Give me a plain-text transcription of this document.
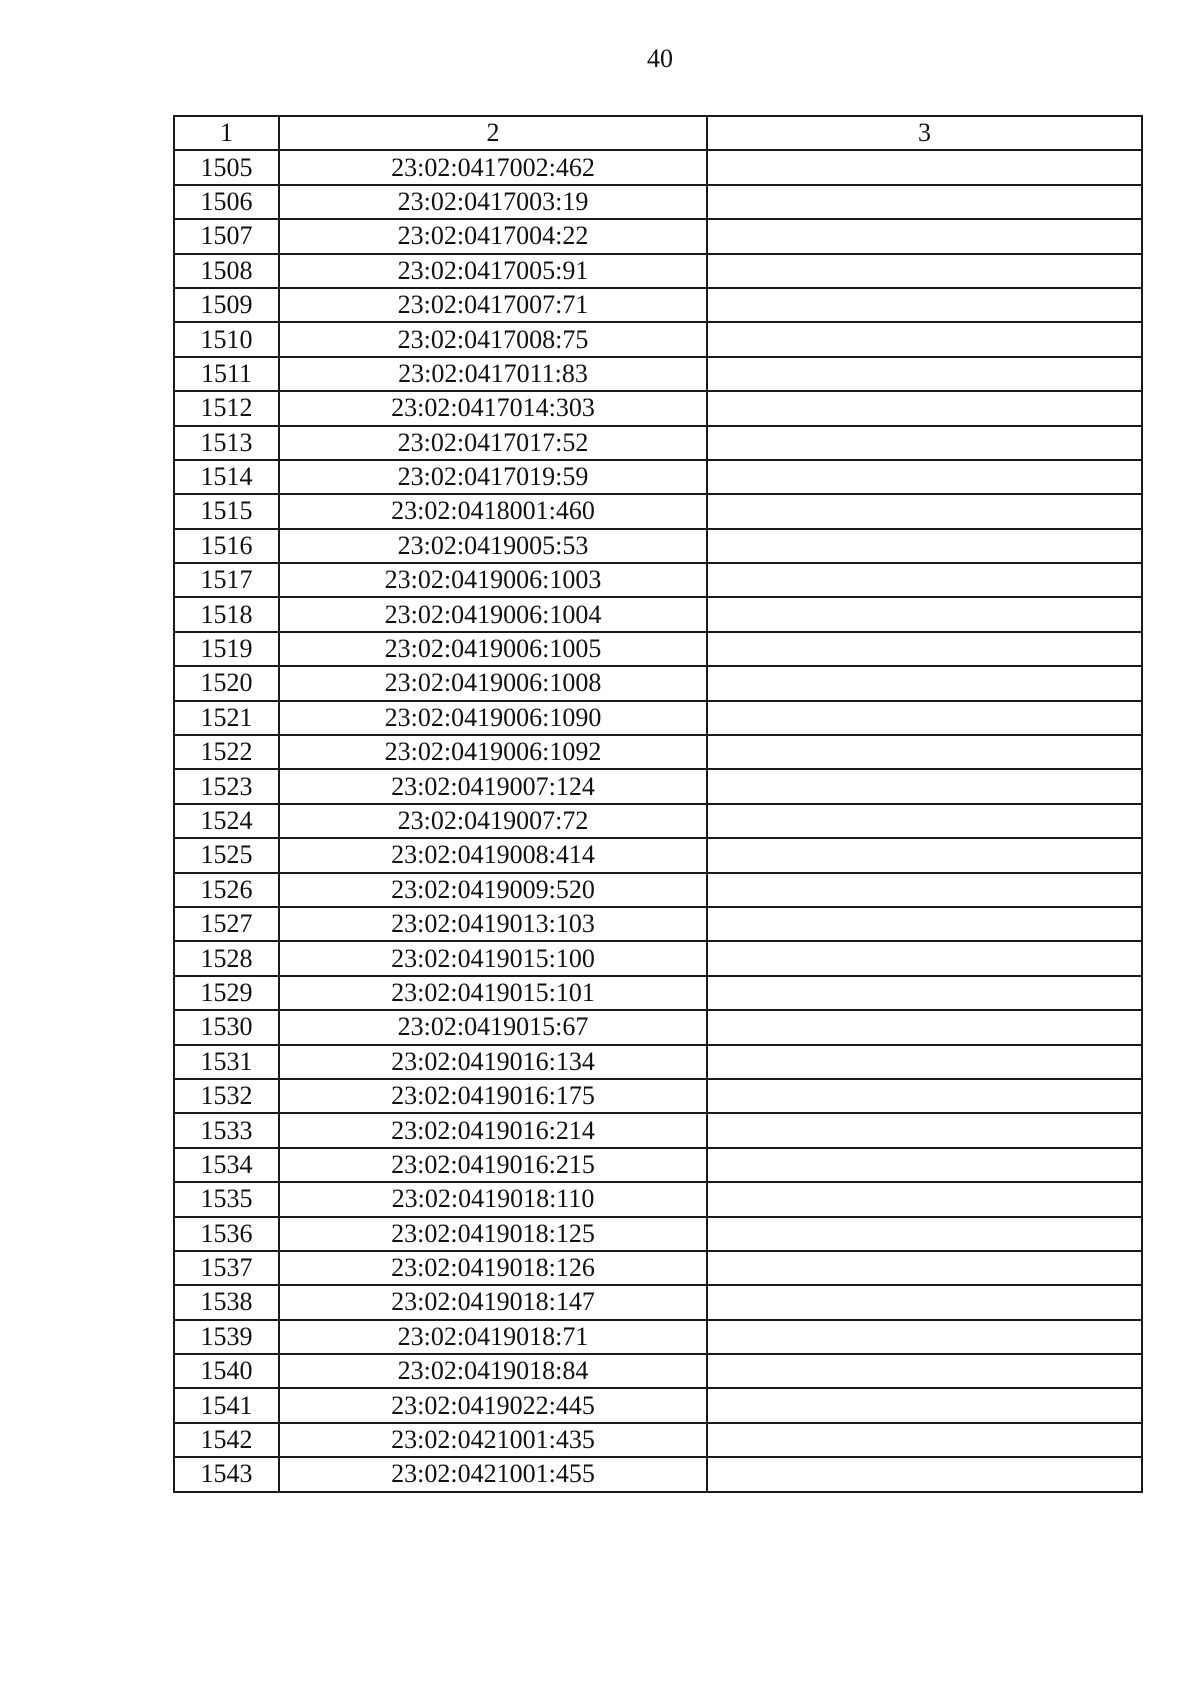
40
1	2	3
1505	23:02:0417002:462	
1506	23:02:0417003:19	
1507	23:02:0417004:22	
1508	23:02:0417005:91	
1509	23:02:0417007:71	
1510	23:02:0417008:75	
1511	23:02:0417011:83	
1512	23:02:0417014:303	
1513	23:02:0417017:52	
1514	23:02:0417019:59	
1515	23:02:0418001:460	
1516	23:02:0419005:53	
1517	23:02:0419006:1003	
1518	23:02:0419006:1004	
1519	23:02:0419006:1005	
1520	23:02:0419006:1008	
1521	23:02:0419006:1090	
1522	23:02:0419006:1092	
1523	23:02:0419007:124	
1524	23:02:0419007:72	
1525	23:02:0419008:414	
1526	23:02:0419009:520	
1527	23:02:0419013:103	
1528	23:02:0419015:100	
1529	23:02:0419015:101	
1530	23:02:0419015:67	
1531	23:02:0419016:134	
1532	23:02:0419016:175	
1533	23:02:0419016:214	
1534	23:02:0419016:215	
1535	23:02:0419018:110	
1536	23:02:0419018:125	
1537	23:02:0419018:126	
1538	23:02:0419018:147	
1539	23:02:0419018:71	
1540	23:02:0419018:84	
1541	23:02:0419022:445	
1542	23:02:0421001:435	
1543	23:02:0421001:455	
